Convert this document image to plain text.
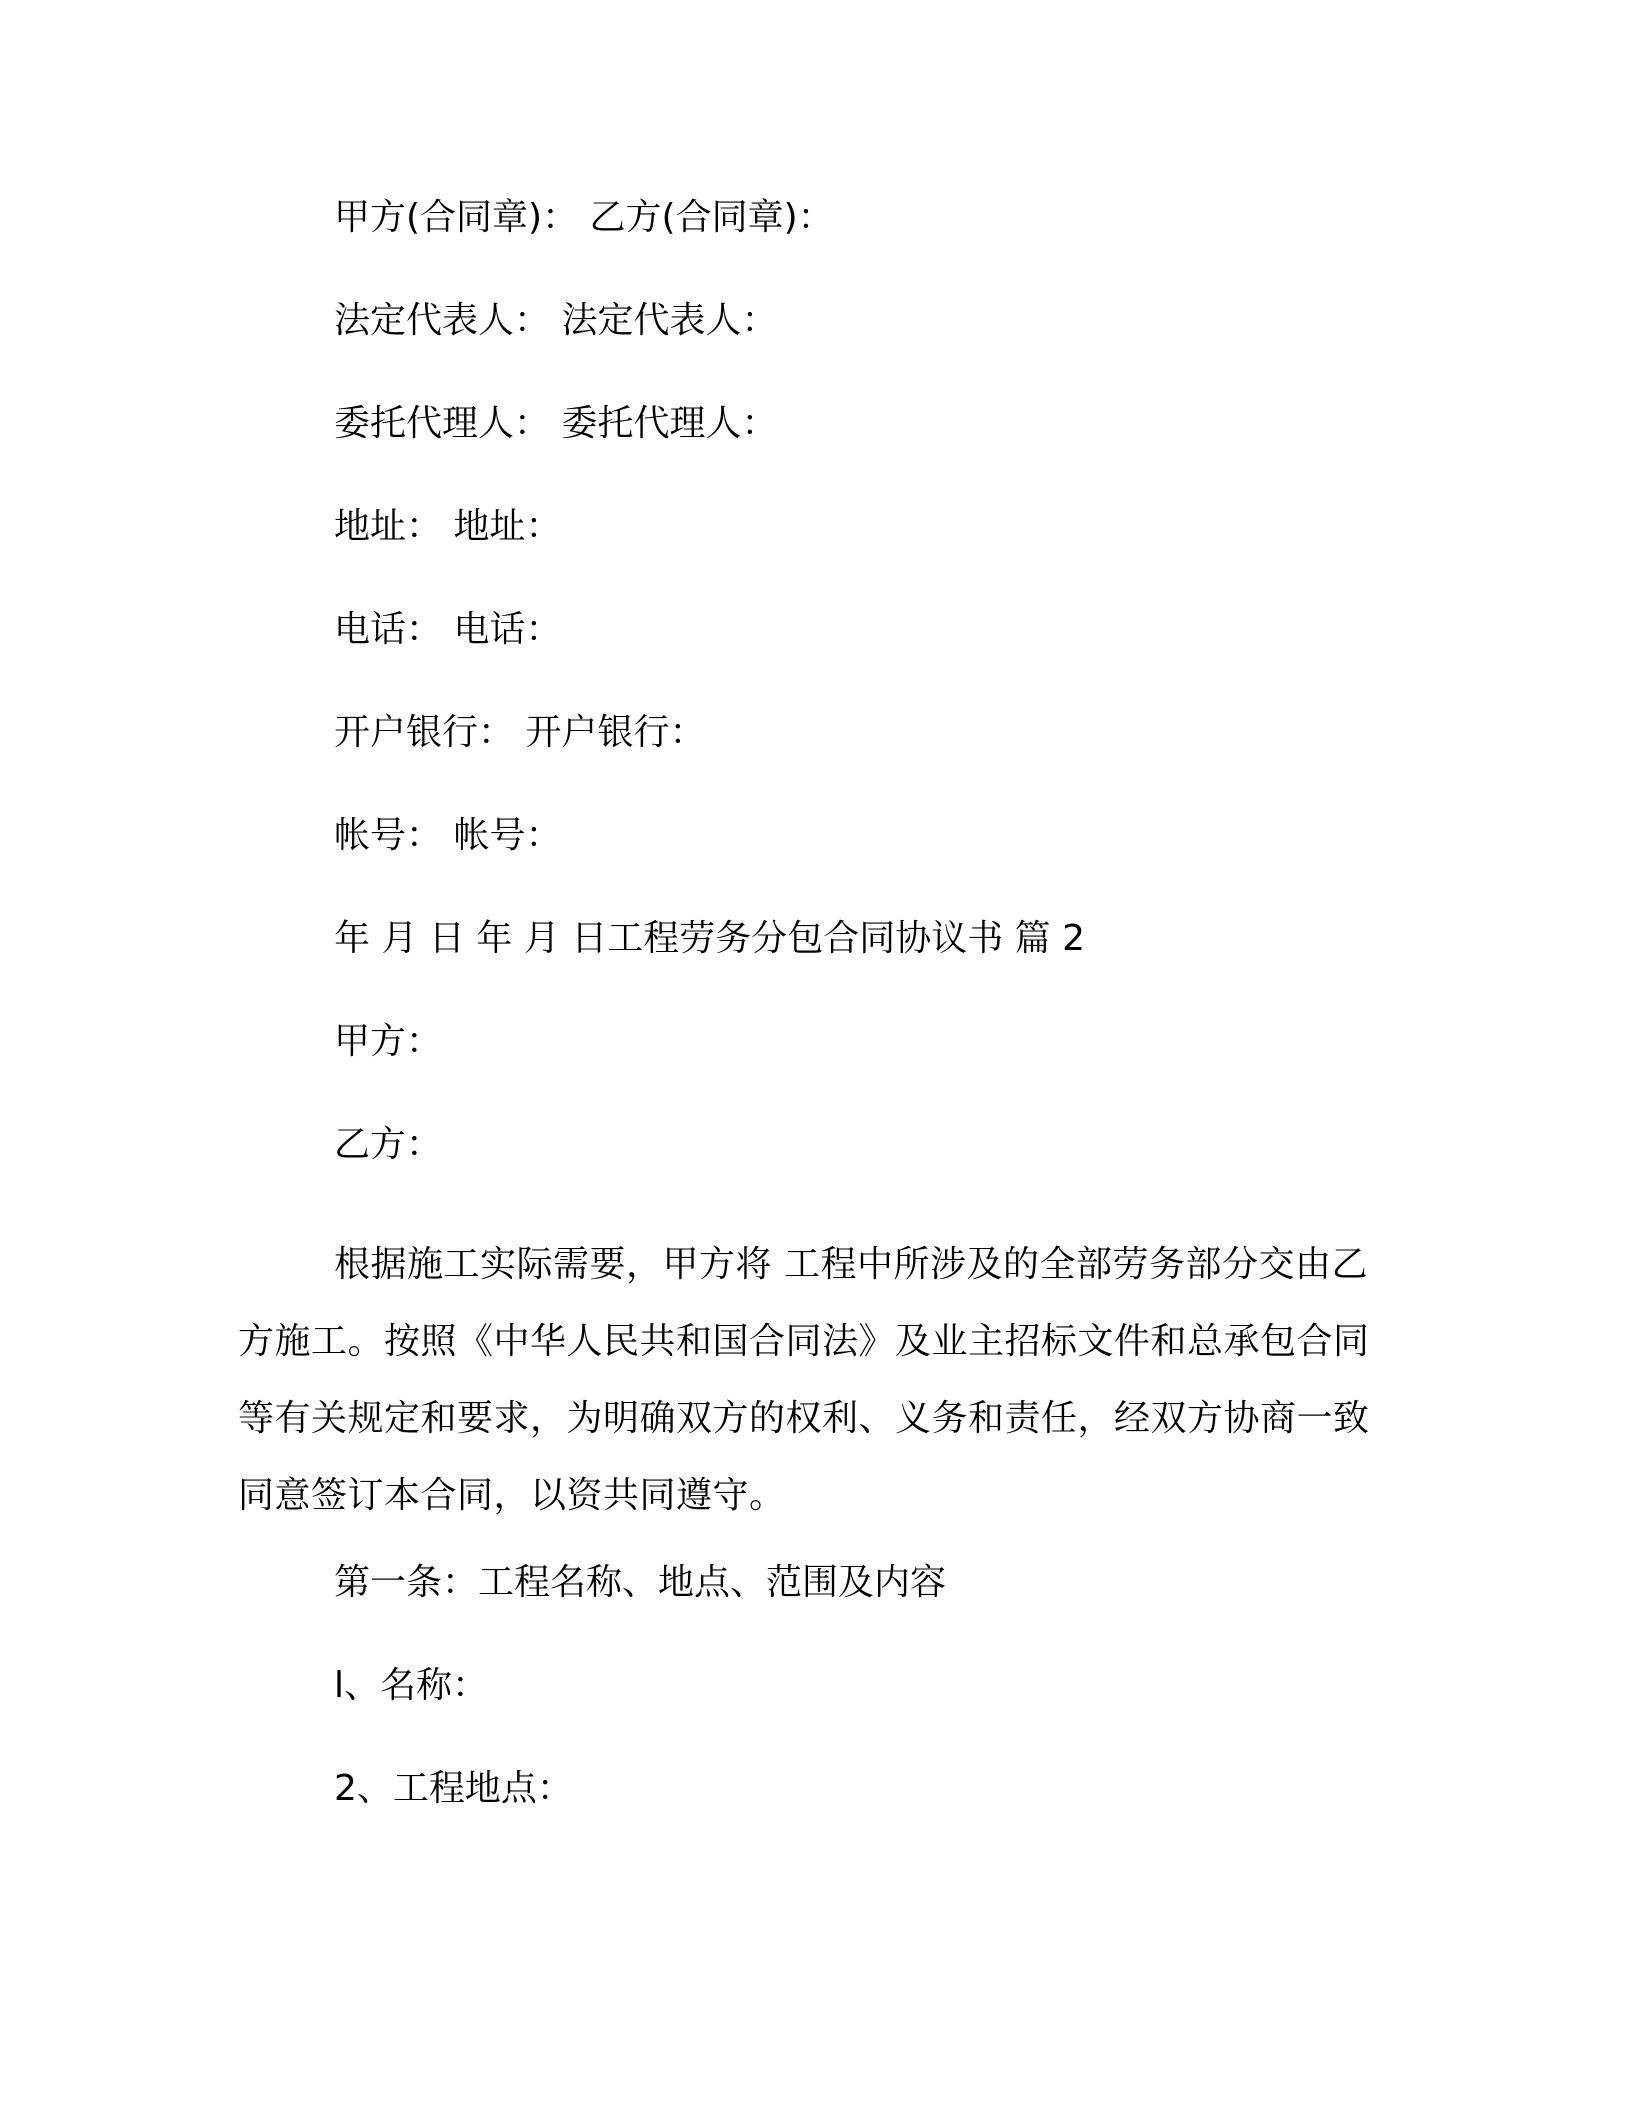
甲方(合同章)： 乙方(合同章)：

法定代表人： 法定代表人：

委托代理人： 委托代理人：

地址： 地址：

电话： 电话：

开户银行： 开户银行：

帐号： 帐号：

年 月 日 年 月 日工程劳务分包合同协议书 篇 2

甲方：

乙方：

根据施工实际需要，甲方将 工程中所涉及的全部劳务部分交由乙方施工。按照《中华人民共和国合同法》及业主招标文件和总承包合同等有关规定和要求，为明确双方的权利、义务和责任，经双方协商一致同意签订本合同，以资共同遵守。

第一条：工程名称、地点、范围及内容

l、名称：

2、工程地点：
